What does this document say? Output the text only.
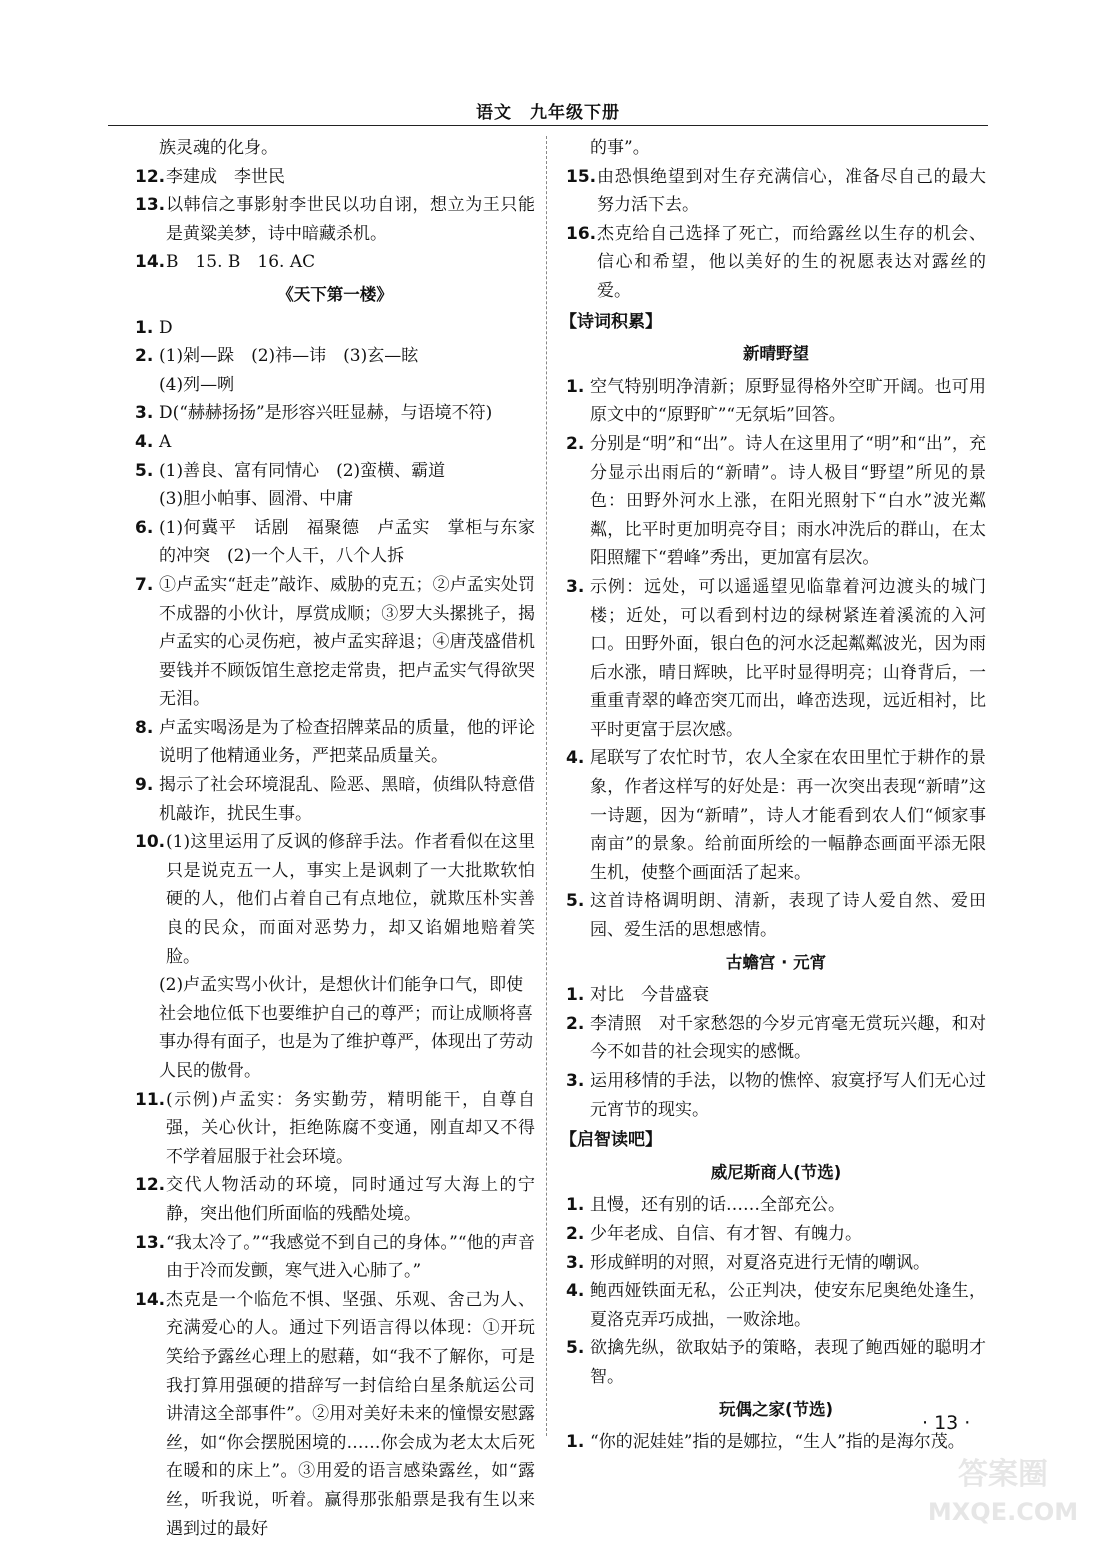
语文　九年级下册

族灵魂的化身。

12. 李建成　李世民

13. 以韩信之事影射李世民以功自诩，想立为王只能是黄粱美梦，诗中暗藏杀机。

14. B　15. B　16. AC

《天下第一楼》

1. D

2. (1)剁—跺　(2)祎—讳　(3)玄—眩

(4)列—咧

3. D(“赫赫扬扬”是形容兴旺显赫，与语境不符)

4. A

5. (1)善良、富有同情心　(2)蛮横、霸道

(3)胆小帕事、圆滑、中庸

6. (1)何冀平　话剧　福聚德　卢孟实　掌柜与东家的冲突　(2)一个人干，八个人拆

7. ①卢孟实“赶走”敲诈、威胁的克五；②卢孟实处罚不成器的小伙计，厚赏成顺；③罗大头摞挑子，揭卢孟实的心灵伤疤，被卢孟实辞退；④唐茂盛借机要钱并不顾饭馆生意挖走常贵，把卢孟实气得欲哭无泪。

8. 卢孟实喝汤是为了检查招牌菜品的质量，他的评论说明了他精通业务，严把菜品质量关。

9. 揭示了社会环境混乱、险恶、黑暗，侦缉队特意借机敲诈，扰民生事。

10. (1)这里运用了反讽的修辞手法。作者看似在这里只是说克五一人，事实上是讽刺了一大批欺软怕硬的人，他们占着自己有点地位，就欺压朴实善良的民众，而面对恶势力，却又谄媚地赔着笑脸。

(2)卢孟实骂小伙计，是想伙计们能争口气，即使社会地位低下也要维护自己的尊严；而让成顺将喜事办得有面子，也是为了维护尊严，体现出了劳动人民的傲骨。

11. (示例)卢孟实：务实勤劳，精明能干，自尊自强，关心伙计，拒绝陈腐不变通，刚直却又不得不学着屈服于社会环境。

12. 交代人物活动的环境，同时通过写大海上的宁静，突出他们所面临的残酷处境。

13. “我太冷了。”“我感觉不到自己的身体。”“他的声音由于冷而发颤，寒气进入心肺了。”

14. 杰克是一个临危不惧、坚强、乐观、舍己为人、充满爱心的人。通过下列语言得以体现：①开玩笑给予露丝心理上的慰藉，如“我不了解你，可是我打算用强硬的措辞写一封信给白星条航运公司讲清这全部事件”。②用对美好未来的憧憬安慰露丝，如“你会摆脱困境的……你会成为老太太后死在暖和的床上”。③用爱的语言感染露丝，如“露丝，听我说，听着。赢得那张船票是我有生以来遇到过的最好

的事”。

15. 由恐惧绝望到对生存充满信心，准备尽自己的最大努力活下去。

16. 杰克给自己选择了死亡，而给露丝以生存的机会、信心和希望，他以美好的生的祝愿表达对露丝的爱。

【诗词积累】

新晴野望

1. 空气特别明净清新；原野显得格外空旷开阔。也可用原文中的“原野旷”“无氛垢”回答。

2. 分别是“明”和“出”。诗人在这里用了“明”和“出”，充分显示出雨后的“新晴”。诗人极目“野望”所见的景色：田野外河水上涨，在阳光照射下“白水”波光粼粼，比平时更加明亮夺目；雨水冲洗后的群山，在太阳照耀下“碧峰”秀出，更加富有层次。

3. 示例：远处，可以遥遥望见临靠着河边渡头的城门楼；近处，可以看到村边的绿树紧连着溪流的入河口。田野外面，银白色的河水泛起粼粼波光，因为雨后水涨，晴日辉映，比平时显得明亮；山脊背后，一重重青翠的峰峦突兀而出，峰峦迭现，远近相衬，比平时更富于层次感。

4. 尾联写了农忙时节，农人全家在农田里忙于耕作的景象，作者这样写的好处是：再一次突出表现“新晴”这一诗题，因为“新晴”，诗人才能看到农人们“倾家事南亩”的景象。给前面所绘的一幅静态画面平添无限生机，使整个画面活了起来。

5. 这首诗格调明朗、清新，表现了诗人爱自然、爱田园、爱生活的思想感情。

古蟾宫 · 元宵

1. 对比　今昔盛衰

2. 李清照　对千家愁怨的今岁元宵毫无赏玩兴趣，和对今不如昔的社会现实的感慨。

3. 运用移情的手法，以物的憔悴、寂寞抒写人们无心过元宵节的现实。

【启智读吧】

威尼斯商人(节选)

1. 且慢，还有别的话……全部充公。

2. 少年老成、自信、有才智、有魄力。

3. 形成鲜明的对照，对夏洛克进行无情的嘲讽。

4. 鲍西娅铁面无私，公正判决，使安东尼奥绝处逢生，夏洛克弄巧成拙，一败涂地。

5. 欲擒先纵，欲取姑予的策略，表现了鲍西娅的聪明才智。

玩偶之家(节选)

1. “你的泥娃娃”指的是娜拉，“生人”指的是海尔茂。

· 13 ·
答案圈
MXQE.COM
